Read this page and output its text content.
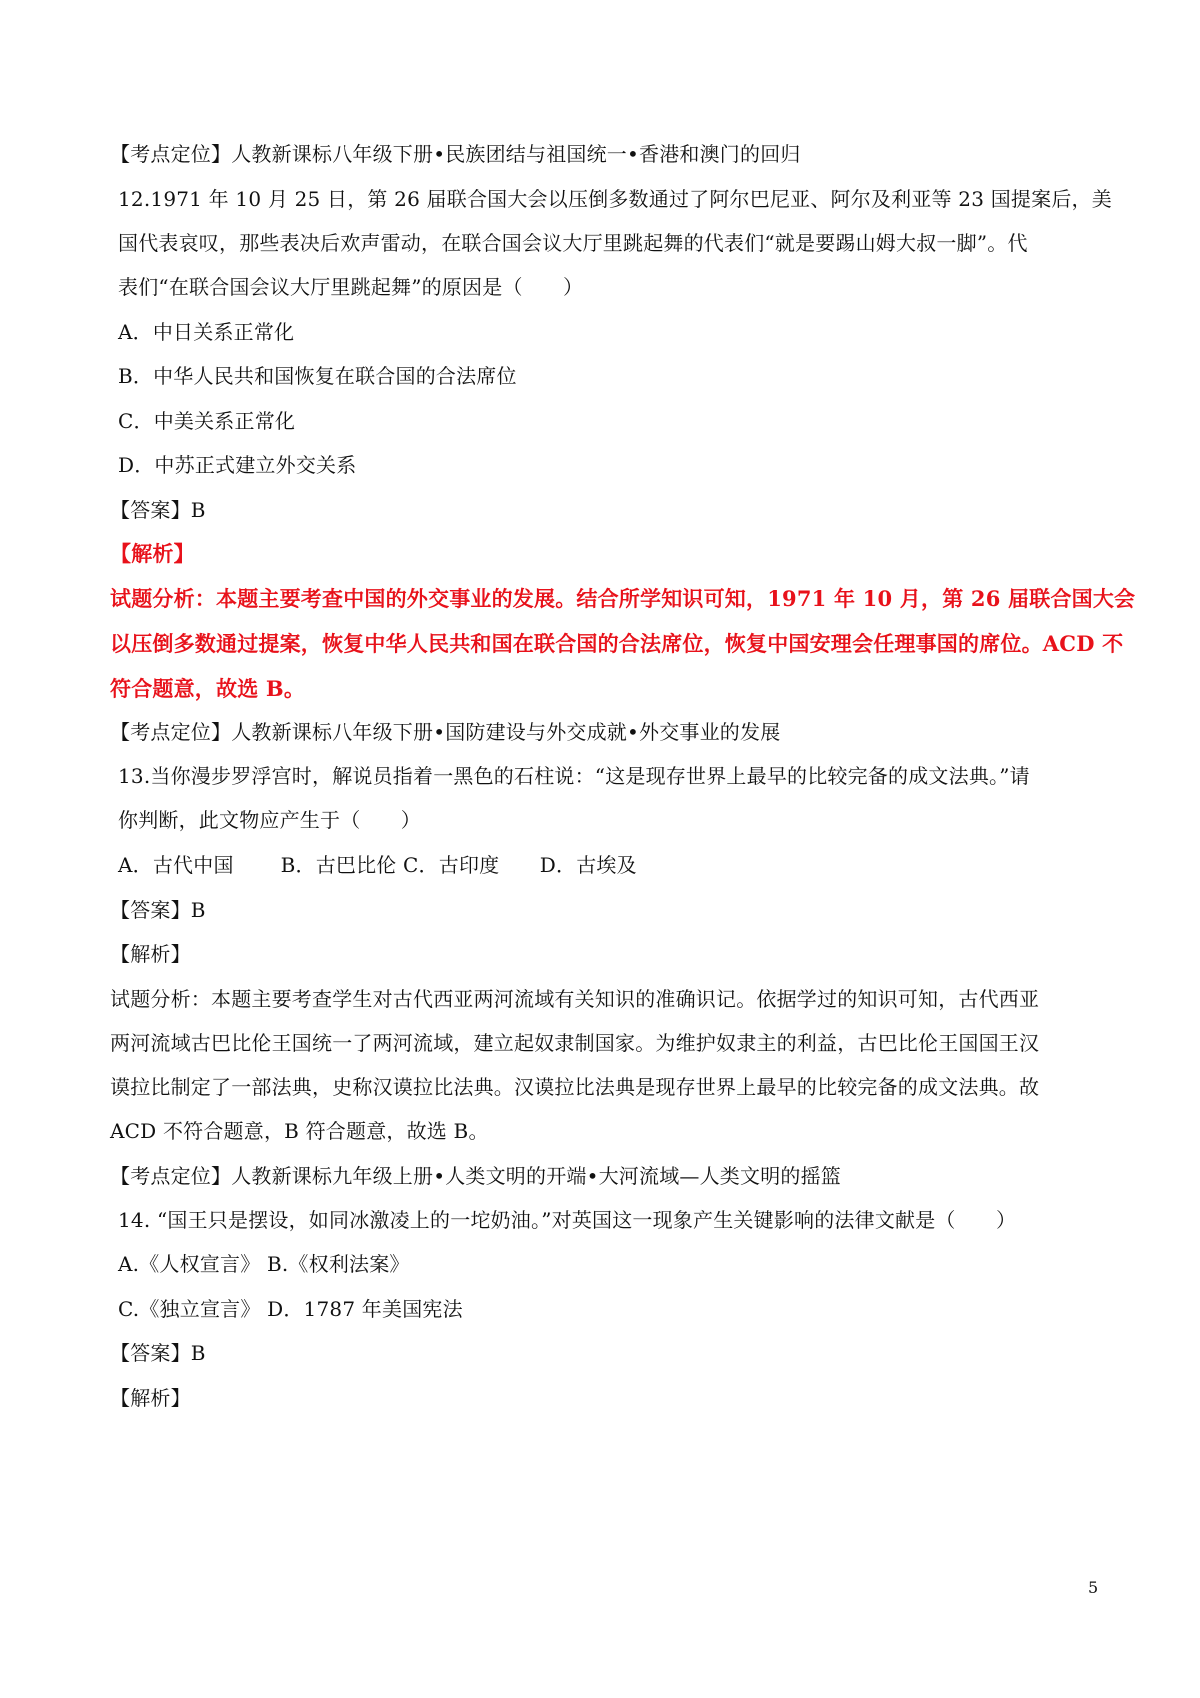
【考点定位】人教新课标八年级下册•民族团结与祖国统一•香港和澳门的回归
12.1971 年 10 月 25 日，第 26 届联合国大会以压倒多数通过了阿尔巴尼亚、阿尔及利亚等 23 国提案后，美
国代表哀叹，那些表决后欢声雷动，在联合国会议大厅里跳起舞的代表们“就是要踢山姆大叔一脚”。代
表们“在联合国会议大厅里跳起舞”的原因是（　　）
A．中日关系正常化
B．中华人民共和国恢复在联合国的合法席位
C．中美关系正常化
D．中苏正式建立外交关系
【答案】B
【解析】
试题分析：本题主要考查中国的外交事业的发展。结合所学知识可知，1971 年 10 月，第 26 届联合国大会
以压倒多数通过提案，恢复中华人民共和国在联合国的合法席位，恢复中国安理会任理事国的席位。ACD 不
符合题意，故选 B。
【考点定位】人教新课标八年级下册•国防建设与外交成就•外交事业的发展
13.当你漫步罗浮宫时，解说员指着一黑色的石柱说：“这是现存世界上最早的比较完备的成文法典。”请
你判断，此文物应产生于（　　）
A．古代中国　　 B．古巴比伦 C．古印度　　D．古埃及
【答案】B
【解析】
试题分析：本题主要考查学生对古代西亚两河流域有关知识的准确识记。依据学过的知识可知，古代西亚
两河流域古巴比伦王国统一了两河流域，建立起奴隶制国家。为维护奴隶主的利益，古巴比伦王国国王汉
谟拉比制定了一部法典，史称汉谟拉比法典。汉谟拉比法典是现存世界上最早的比较完备的成文法典。故
ACD 不符合题意，B 符合题意，故选 B。
【考点定位】人教新课标九年级上册•人类文明的开端•大河流域—人类文明的摇篮
14. “国王只是摆设，如同冰激凌上的一坨奶油。”对英国这一现象产生关键影响的法律文献是（　　）
A.《人权宣言》 B.《权利法案》
C.《独立宣言》 D．1787 年美国宪法
【答案】B
【解析】
5
